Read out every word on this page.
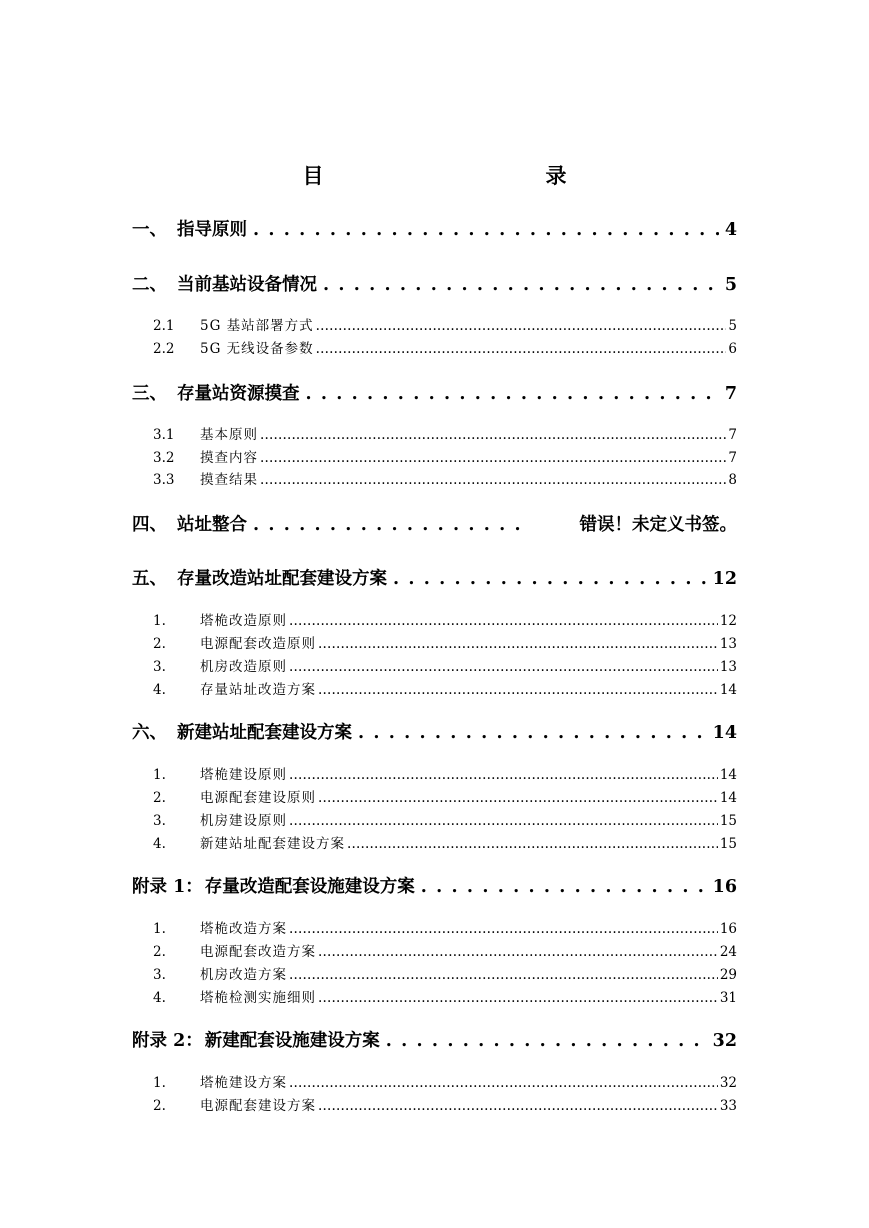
目　　录
一、 指导原则 . . .	4
二、 当前基站设备情况 . . .	5
2.1	5G 基站部署方式 .....	5
2.2	5G 无线设备参数 .....	6
三、 存量站资源摸查 . . .	7
3.1	基本原则 .....	7
3.2	摸查内容 .....	7
3.3	摸查结果 .....	8
四、 站址整合 . . .	错误！未定义书签。
五、 存量改造站址配套建设方案 . . .	12
1.	塔桅改造原则 .....	12
2.	电源配套改造原则 .....	13
3.	机房改造原则 .....	13
4.	存量站址改造方案 .....	14
六、 新建站址配套建设方案 . . .	14
1.	塔桅建设原则 .....	14
2.	电源配套建设原则 .....	14
3.	机房建设原则 .....	15
4.	新建站址配套建设方案 .....	15
附录 1： 存量改造配套设施建设方案 . . .	16
1.	塔桅改造方案 .....	16
2.	电源配套改造方案 .....	24
3.	机房改造方案 .....	29
4.	塔桅检测实施细则 .....	31
附录 2： 新建配套设施建设方案 . . .	32
1.	塔桅建设方案 .....	32
2.	电源配套建设方案 .....	33
